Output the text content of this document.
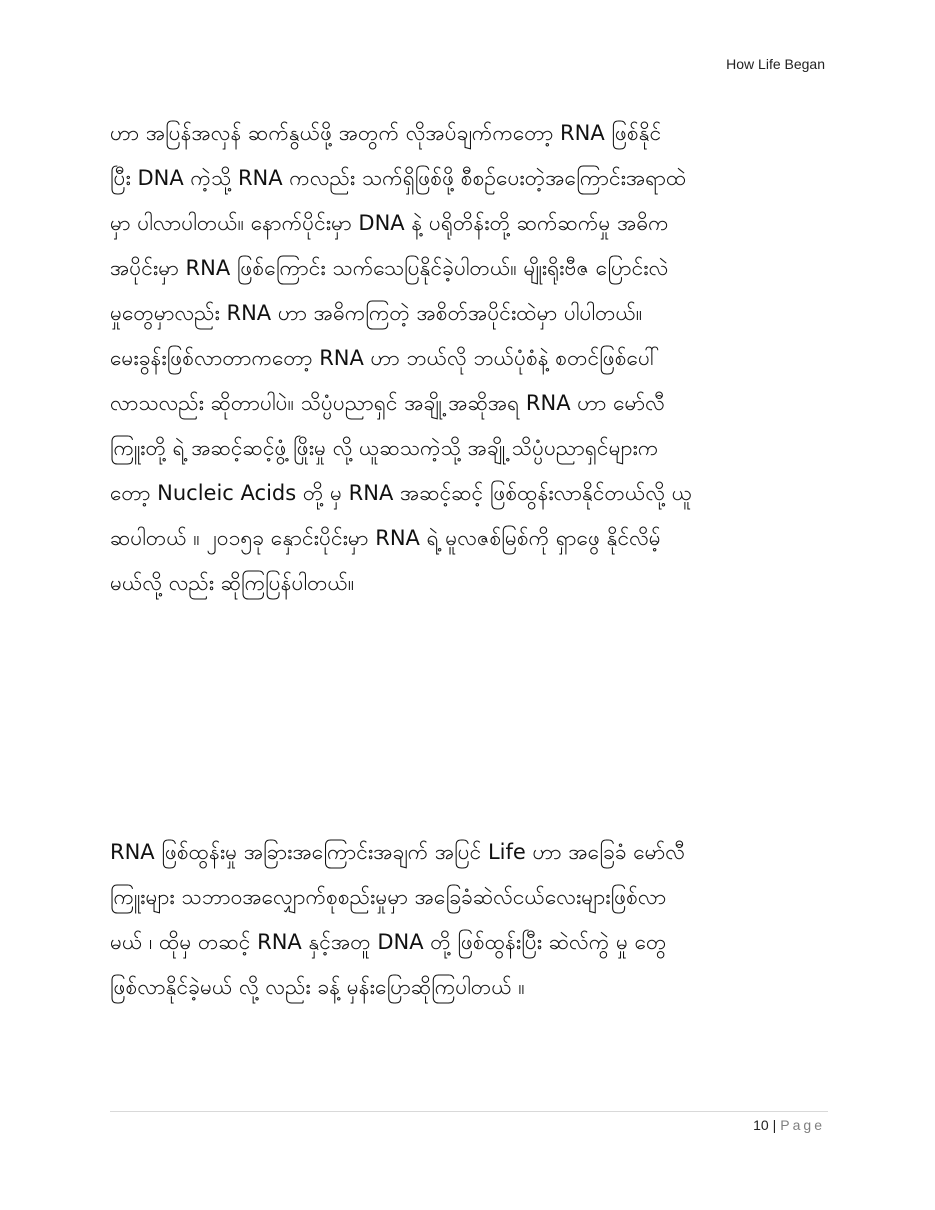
How Life Began
ဟာ အပြန်အလှန် ဆက်နွယ်ဖို့ အတွက် လိုအပ်ချက်ကတော့ RNA ဖြစ်နိုင်
ပြီး DNA ကဲ့သို့ RNA ကလည်း သက်ရှိဖြစ်ဖို့ စီစဉ်ပေးတဲ့အကြောင်းအရာထဲ
မှာ ပါလာပါတယ်။ နောက်ပိုင်းမှာ DNA နဲ့ ပရိုတိန်းတို့ ဆက်ဆက်မှု အဓိက
အပိုင်းမှာ RNA ဖြစ်ကြောင်း သက်သေပြနိုင်ခဲ့ပါတယ်။ မျိုးရိုးဗီဇ ပြောင်းလဲ
မှုတွေမှာလည်း RNA ဟာ အဓိကကြတဲ့ အစိတ်အပိုင်းထဲမှာ ပါပါတယ်။
မေးခွန်းဖြစ်လာတာကတော့ RNA ဟာ ဘယ်လို ဘယ်ပုံစံနဲ့ စတင်ဖြစ်ပေါ်
လာသလည်း ဆိုတာပါပဲ။ သိပ္ပံပညာရှင် အချို့ အဆိုအရ RNA ဟာ မော်လီ
ကြူးတို့ ရဲ့ အဆင့်ဆင့်ဖွံ့ ဖြိုးမှု လို့ ယူဆသကဲ့သို့ အချို့ သိပ္ပံပညာရှင်များက
တော့ Nucleic Acids တို့ မှ RNA အဆင့်ဆင့် ဖြစ်ထွန်းလာနိုင်တယ်လို့ ယူ
ဆပါတယ် ။ ၂၀၁၅ခု နှောင်းပိုင်းမှာ RNA ရဲ့ မူလဇစ်မြစ်ကို ရှာဖွေ နိုင်လိမ့်
မယ်လို့ လည်း ဆိုကြပြန်ပါတယ်။
RNA ဖြစ်ထွန်းမှု အခြားအကြောင်းအချက် အပြင် Life ဟာ အခြေခံ မော်လီ
ကြူးများ သဘာဝအလျှောက်စုစည်းမှုမှာ အခြေခံဆဲလ်ငယ်လေးများဖြစ်လာ
မယ် ၊ ထိုမှ တဆင့် RNA နှင့်အတူ DNA တို့ ဖြစ်ထွန်းပြီး ဆဲလ်ကွဲ မှု တွေ
ဖြစ်လာနိုင်ခဲ့မယ် လို့ လည်း ခန့် မှန်းပြောဆိုကြပါတယ် ။
10 | Page
